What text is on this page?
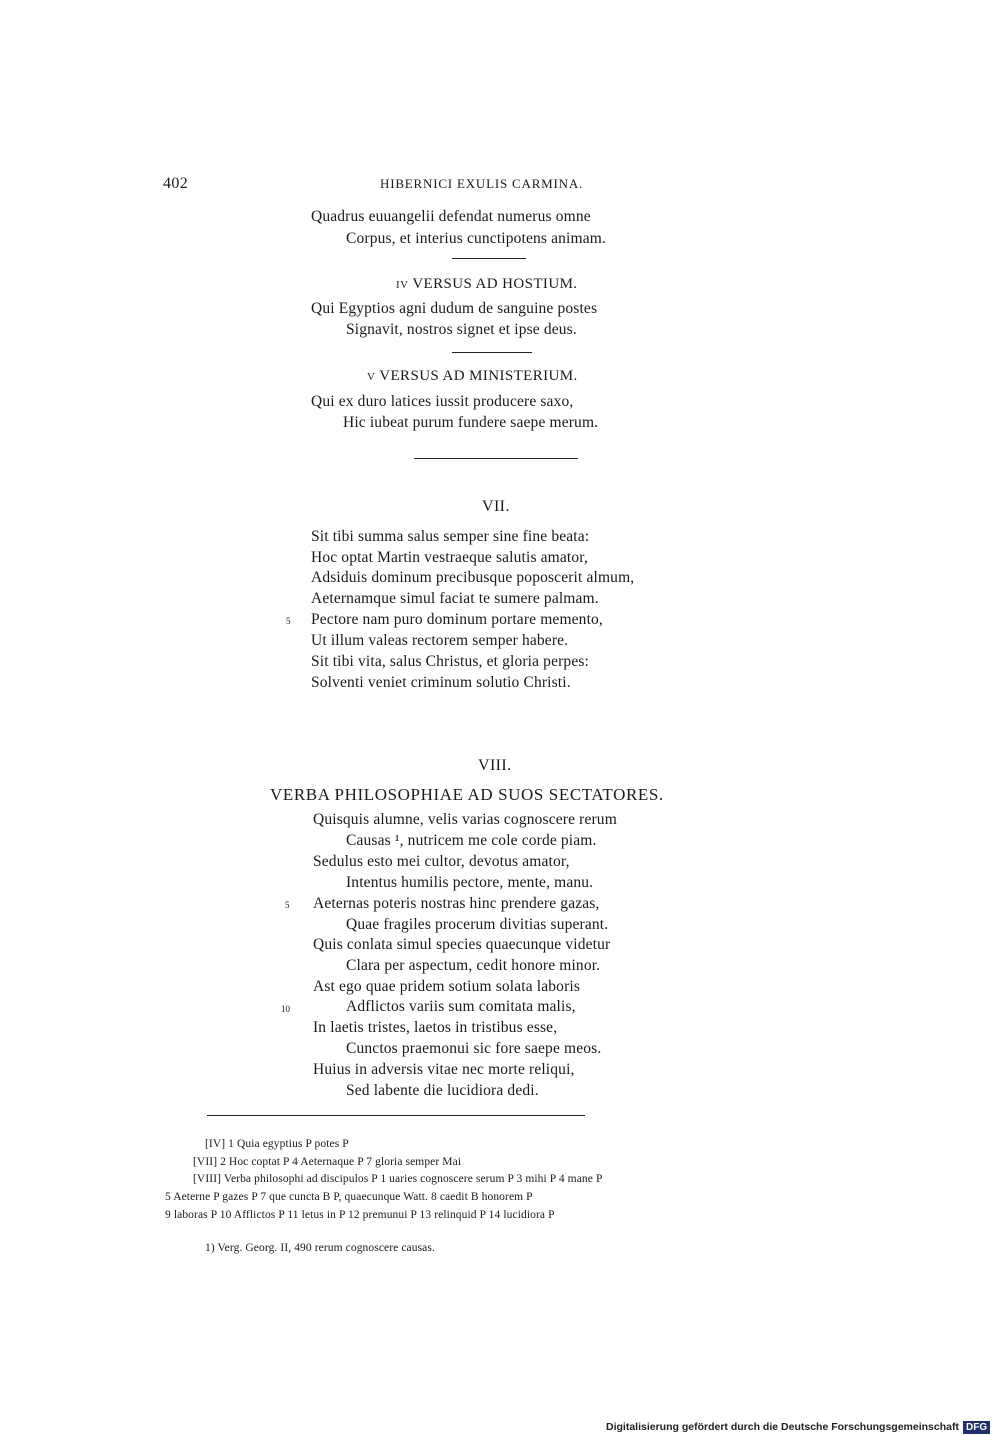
402	HIBERNICI EXULIS CARMINA.
Quadrus euuangelii defendat numerus omne
Corpus, et interius cunctipotens animam.
IV VERSUS AD HOSTIUM.
Qui Egyptios agni dudum de sanguine postes
Signavit, nostros signet et ipse deus.
V VERSUS AD MINISTERIUM.
Qui ex duro latices iussit producere saxo,
Hic iubeat purum fundere saepe merum.
VII.
Sit tibi summa salus semper sine fine beata:
Hoc optat Martin vestraeque salutis amator,
Adsiduis dominum precibusque poposcerit almum,
Aeternamque simul faciat te sumere palmam.
5 Pectore nam puro dominum portare memento,
Ut illum valeas rectorem semper habere.
Sit tibi vita, salus Christus, et gloria perpes:
Solventi veniet criminum solutio Christi.
VIII.
VERBA PHILOSOPHIAE AD SUOS SECTATORES.
Quisquis alumne, velis varias cognoscere rerum
Causas ¹, nutricem me cole corde piam.
Sedulus esto mei cultor, devotus amator,
Intentus humilis pectore, mente, manu.
5 Aeternas poteris nostras hinc prendere gazas,
Quae fragiles procerum divitias superant.
Quis conlata simul species quaecunque videtur
Clara per aspectum, cedit honore minor.
Ast ego quae pridem sotium solata laboris
10	Adflictos variis sum comitata malis,
In laetis tristes, laetos in tristibus esse,
Cunctos praemonui sic fore saepe meos.
Huius in adversis vitae nec morte reliqui,
Sed labente die lucidiora dedi.
[IV] 1 Quia egyptius P potes P
[VII] 2 Hoc coptat P 4 Aeternaque P 7 gloria semper Mai
[VIII] Verba philosophi ad discipulos P 1 uaries cognoscere serum P 3 mihi P 4 mane P
5 Aeterne P gazes P 7 que cuncta B P, quaecunque Watt. 8 caedit B honorem P
9 laboras P 10 Afflictos P 11 letus in P 12 premunui P 13 relinquid P 14 lucidiora P
1) Verg. Georg. II, 490 rerum cognoscere causas.
Digitalisierung gefördert durch die Deutsche Forschungsgemeinschaft DFG
